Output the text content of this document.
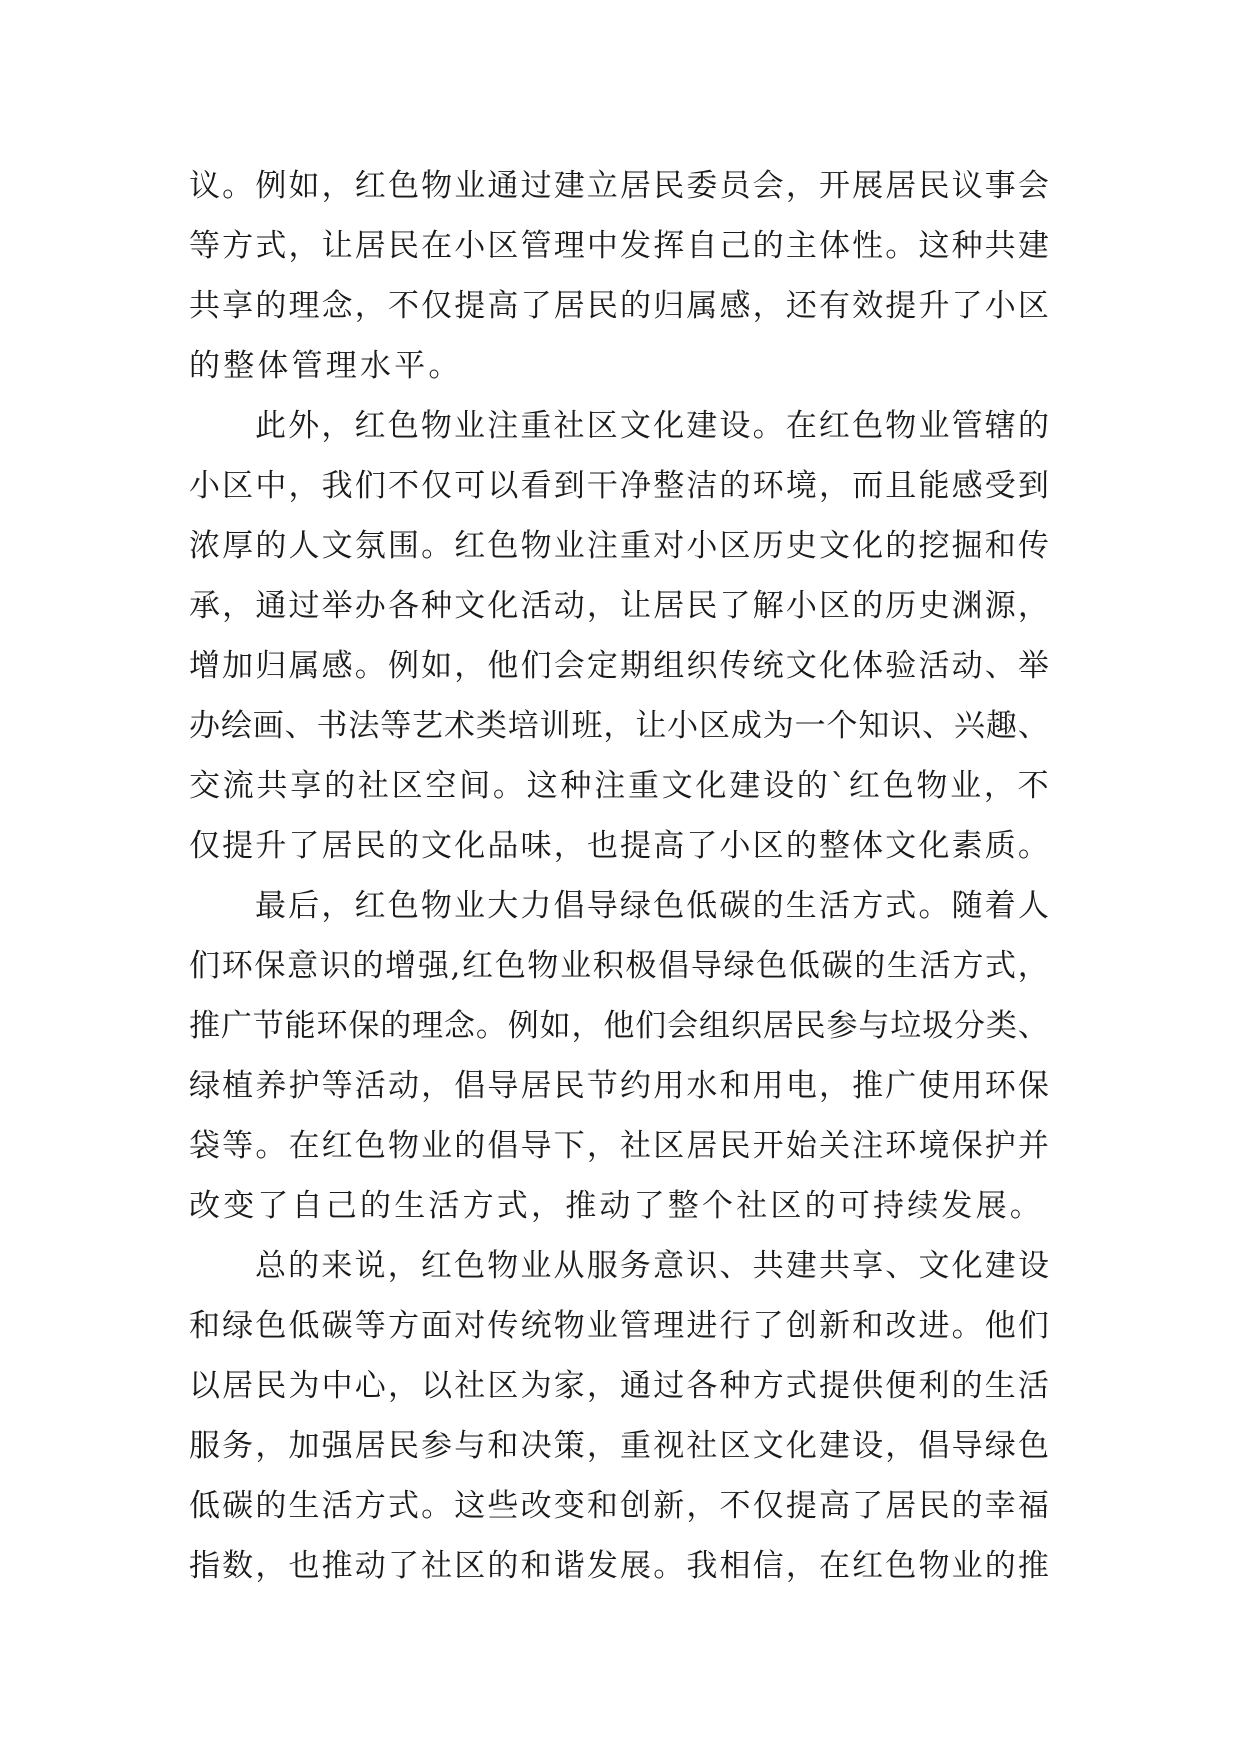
议 。 例 如 ， 红 色 物 业 通 过 建 立 居 民 委 员 会 ， 开 展 居 民 议 事 会
等 方 式 ， 让 居 民 在 小 区 管 理 中 发 挥 自 己 的 主 体 性 。 这 种 共 建
共 享 的 理 念 ， 不 仅 提 高 了 居 民 的 归 属 感 ， 还 有 效 提 升 了 小 区
的整体管理水平。
此 外 ， 红 色 物 业 注 重 社 区 文 化 建 设 。 在 红 色 物 业 管 辖 的
小 区 中 ， 我 们 不 仅 可 以 看 到 干 净 整 洁 的 环 境 ， 而 且 能 感 受 到
浓 厚 的 人 文 氛 围 。 红 色 物 业 注 重 对 小 区 历 史 文 化 的 挖 掘 和 传
承 ， 通 过 举 办 各 种 文 化 活 动 ， 让 居 民 了 解 小 区 的 历 史 渊 源 ，
增 加 归 属 感 。 例 如 ， 他 们 会 定 期 组 织 传 统 文 化 体 验 活 动 、 举
办 绘 画 、 书 法 等 艺 术 类 培 训 班 ， 让 小 区 成 为 一 个 知 识 、 兴 趣 、
交 流 共 享 的 社 区 空 间 。 这 种 注 重 文 化 建 设 的 ` 红 色 物 业 ， 不
仅 提 升 了 居 民 的 文 化 品 味 ， 也 提 高 了 小 区 的 整 体 文 化 素 质 。
最 后 ， 红 色 物 业 大 力 倡 导 绿 色 低 碳 的 生 活 方 式 。 随 着 人
们 环 保 意 识 的 增 强 , 红 色 物 业 积 极 倡 导 绿 色 低 碳 的 生 活 方 式 ，
推 广 节 能 环 保 的 理 念 。 例 如 ， 他 们 会 组 织 居 民 参 与 垃 圾 分 类 、
绿 植 养 护 等 活 动 ， 倡 导 居 民 节 约 用 水 和 用 电 ， 推 广 使 用 环 保
袋 等 。 在 红 色 物 业 的 倡 导 下 ， 社 区 居 民 开 始 关 注 环 境 保 护 并
改变了自己的生活方式，推动了整个社区的可持续发展。
总 的 来 说 ， 红 色 物 业 从 服 务 意 识 、 共 建 共 享 、 文 化 建 设
和 绿 色 低 碳 等 方 面 对 传 统 物 业 管 理 进 行 了 创 新 和 改 进 。 他 们
以 居 民 为 中 心 ， 以 社 区 为 家 ， 通 过 各 种 方 式 提 供 便 利 的 生 活
服 务 ， 加 强 居 民 参 与 和 决 策 ， 重 视 社 区 文 化 建 设 ， 倡 导 绿 色
低 碳 的 生 活 方 式 。 这 些 改 变 和 创 新 ， 不 仅 提 高 了 居 民 的 幸 福
指 数 ， 也 推 动 了 社 区 的 和 谐 发 展 。 我 相 信 ， 在 红 色 物 业 的 推
